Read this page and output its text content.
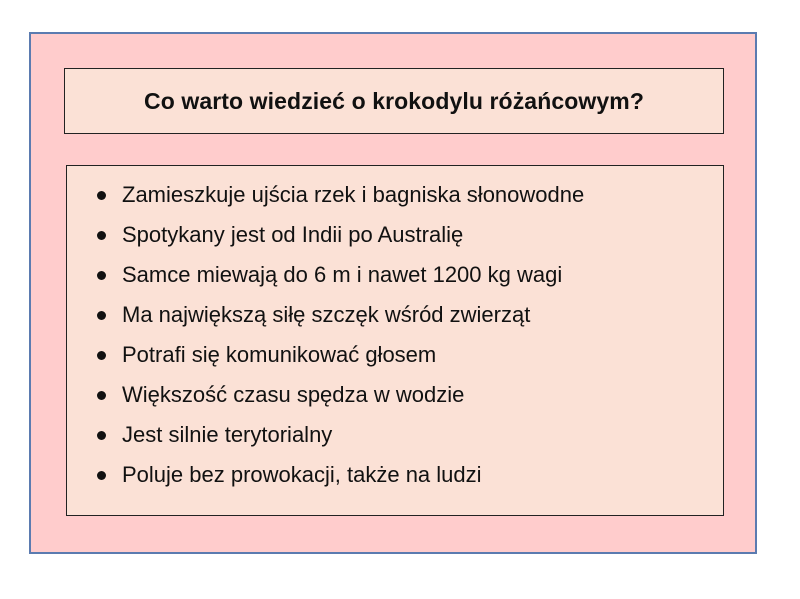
Co warto wiedzieć o krokodylu różańcowym?
Zamieszkuje ujścia rzek i bagniska słonowodne
Spotykany jest od Indii po Australię
Samce miewają do 6 m i nawet 1200 kg wagi
Ma największą siłę szczęk wśród zwierząt
Potrafi się komunikować głosem
Większość czasu spędza w wodzie
Jest silnie terytorialny
Poluje bez prowokacji, także na ludzi
